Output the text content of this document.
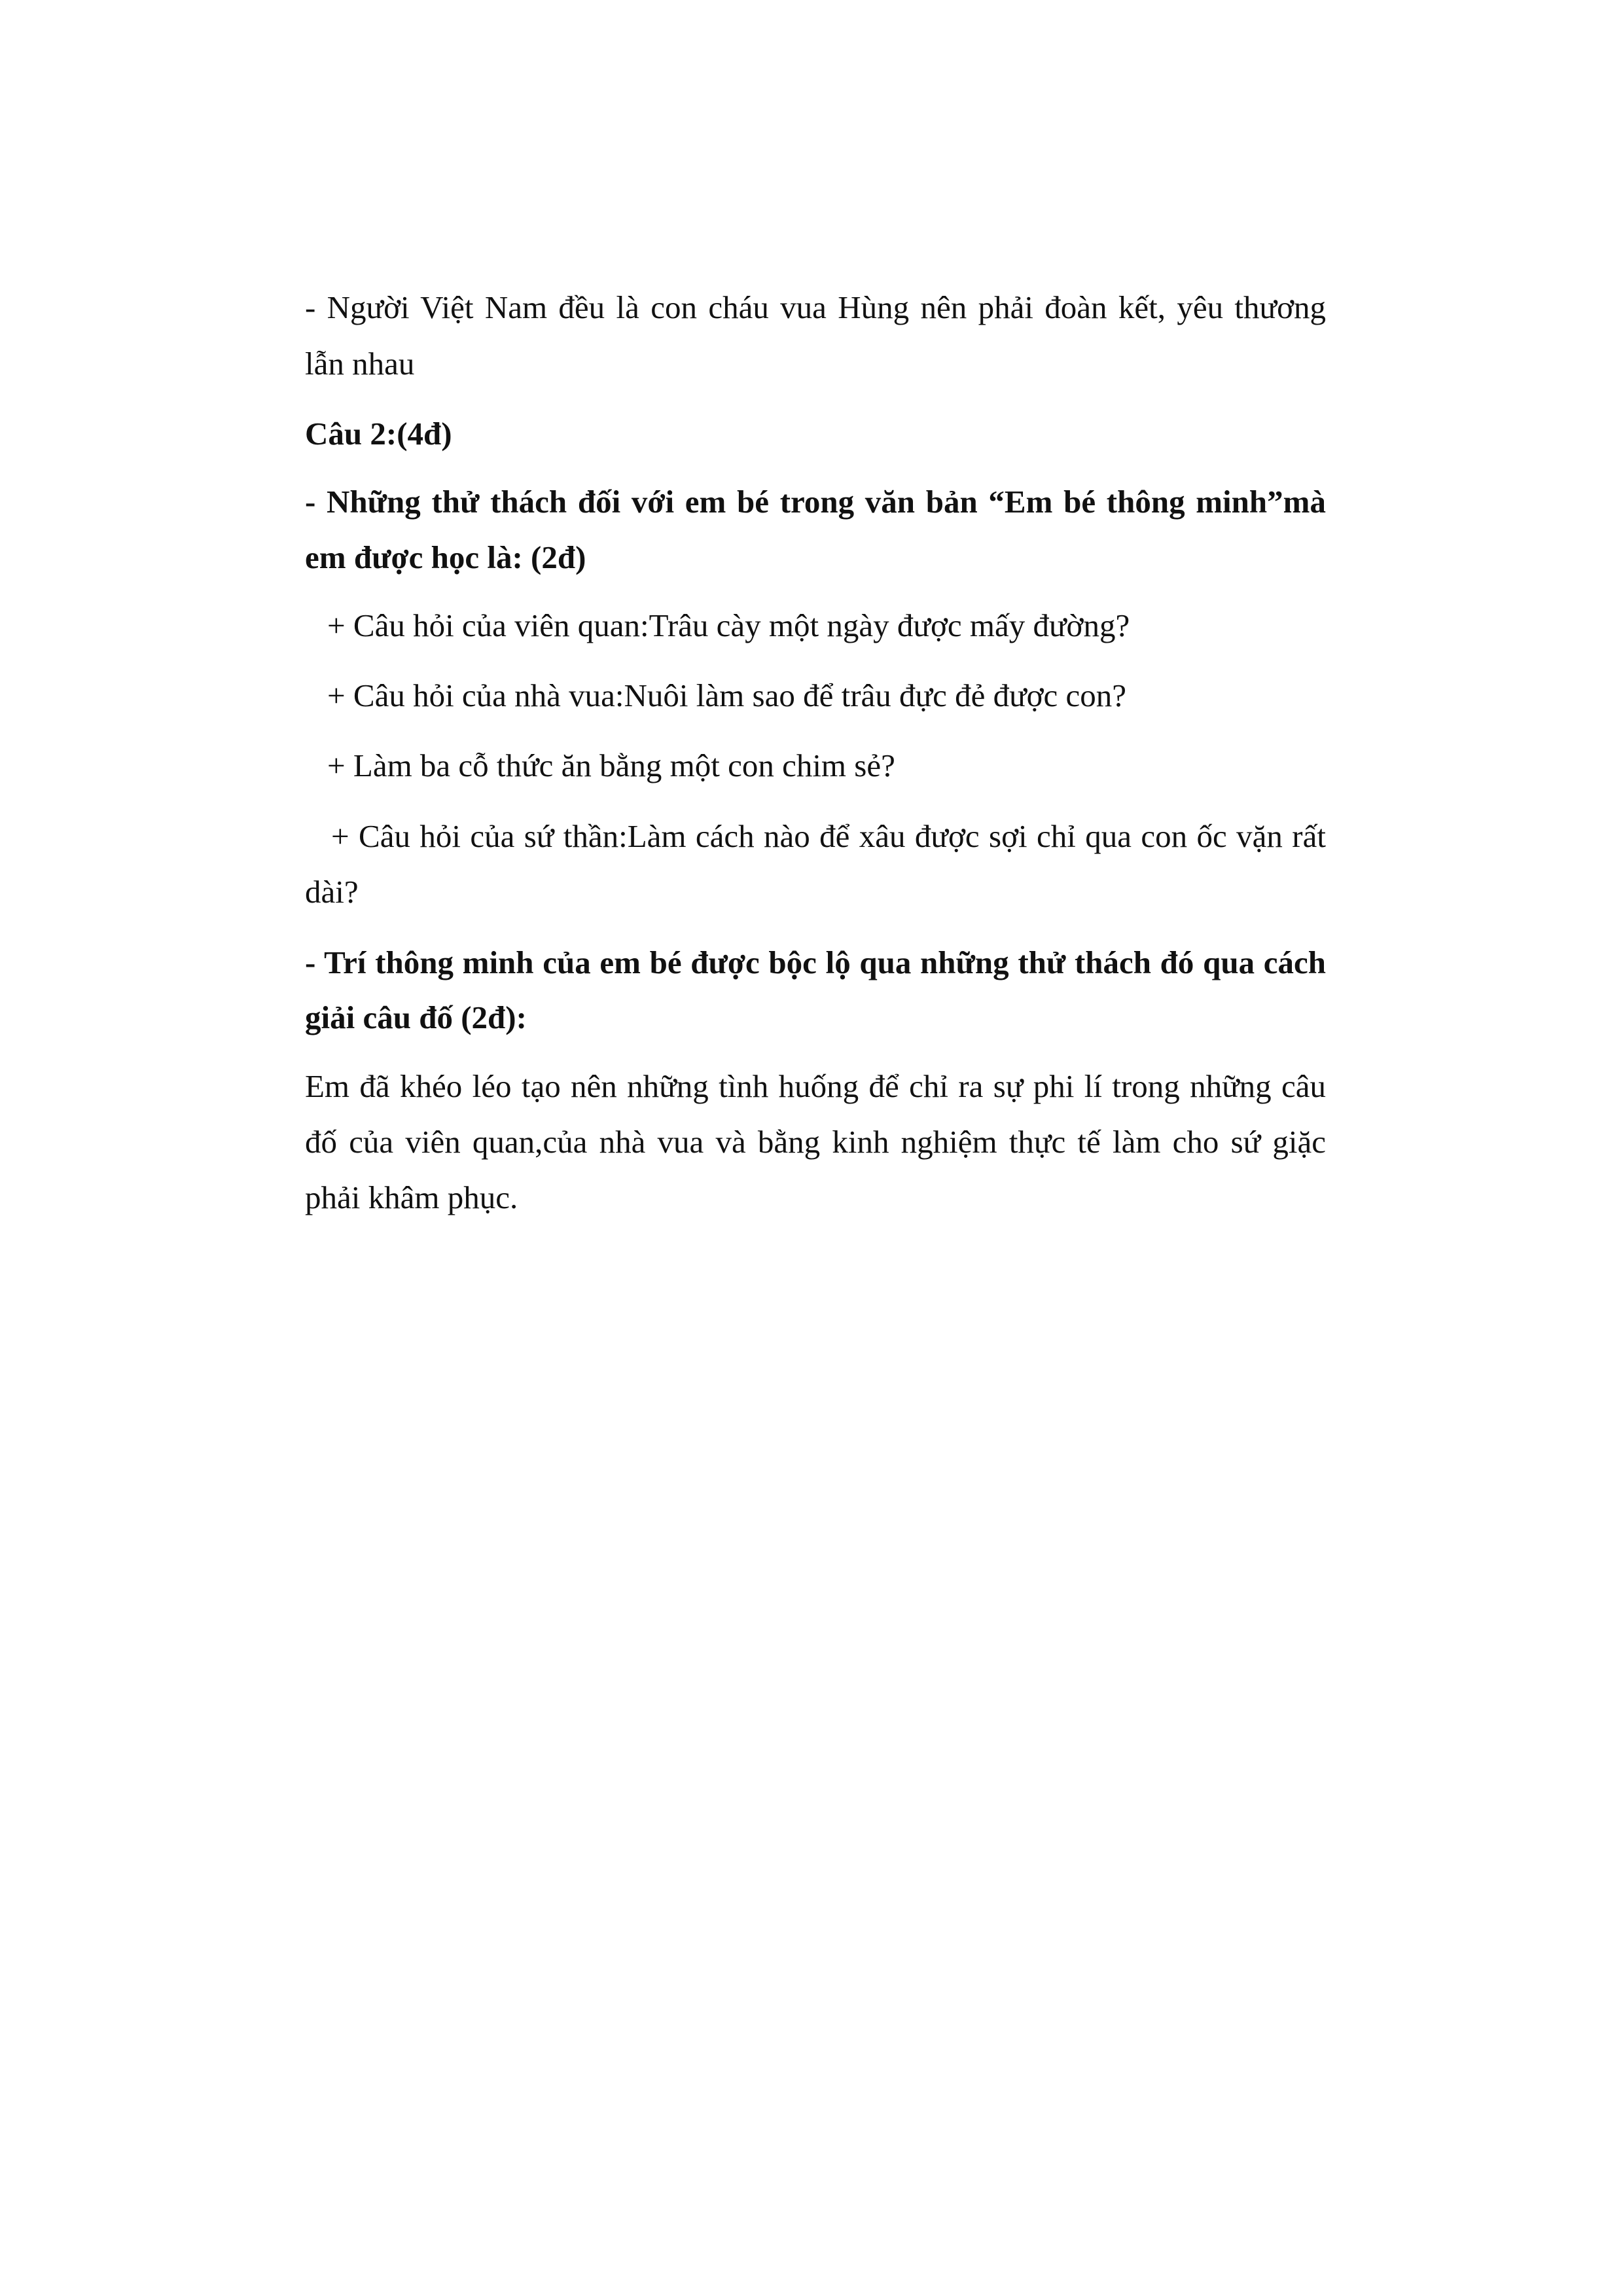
- Người Việt Nam đều là con cháu vua Hùng nên phải đoàn kết, yêu thương
lẫn nhau
Câu 2:(4đ)
- Những thử thách đối với em bé trong văn bản “Em bé thông minh”mà
em được học là: (2đ)
+ Câu hỏi của viên quan:Trâu cày một ngày được mấy đường?
+ Câu hỏi của nhà vua:Nuôi làm sao để trâu đực đẻ được con?
+ Làm ba cỗ thức ăn bằng một con chim sẻ?
+ Câu hỏi của sứ thần:Làm cách nào để xâu được sợi chỉ qua con ốc vặn rất
dài?
- Trí thông minh của em bé được bộc lộ qua những thử thách đó qua cách
giải câu đố (2đ):
Em đã khéo léo tạo nên những tình huống để chỉ ra sự phi lí trong những câu
đố của viên quan,của nhà vua và bằng kinh nghiệm thực tế làm cho sứ giặc
phải khâm phục.
